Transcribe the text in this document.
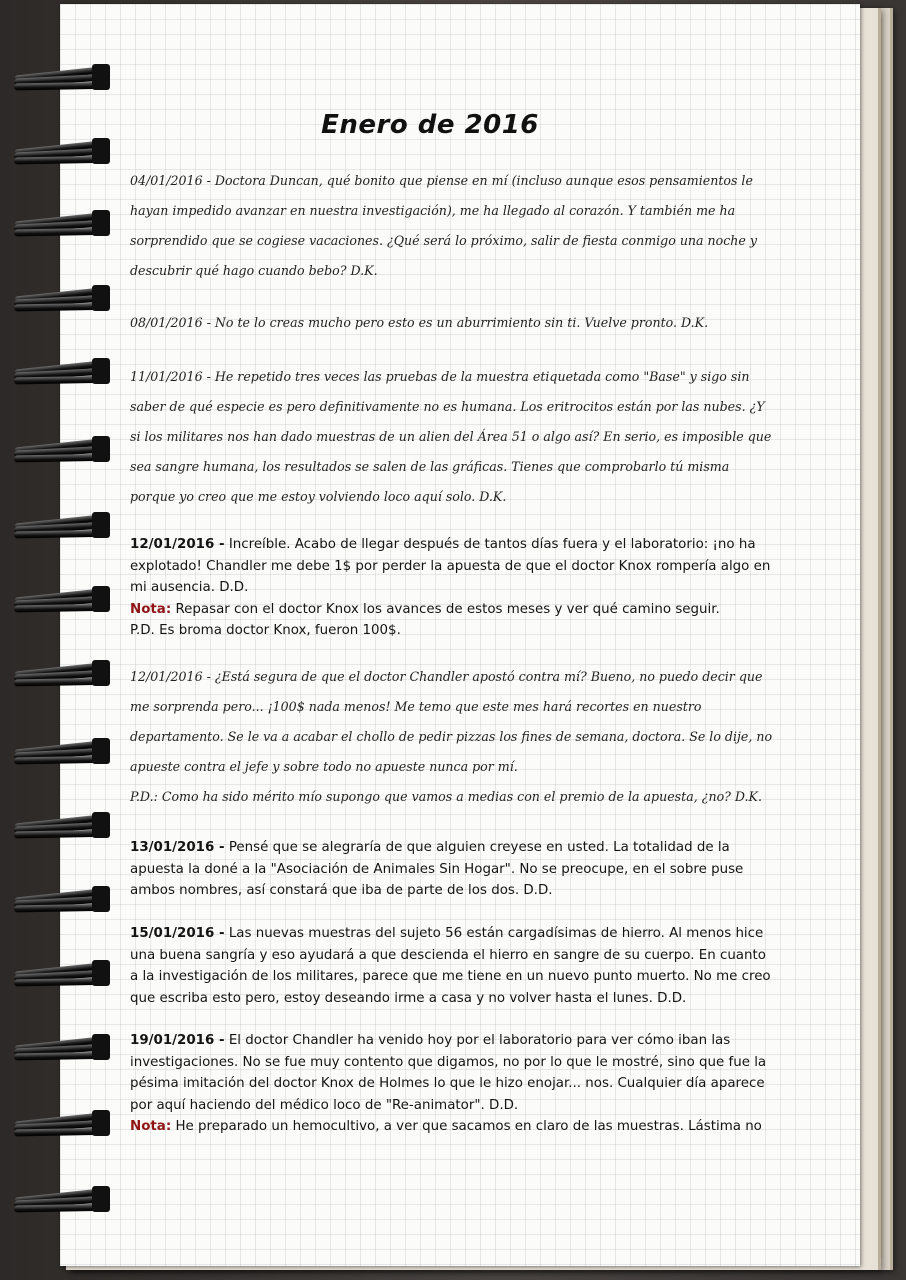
Enero de 2016

04/01/2016 - Doctora Duncan, qué bonito que piense en mí (incluso aunque esos pensamientos le hayan impedido avanzar en nuestra investigación), me ha llegado al corazón. Y también me ha sorprendido que se cogiese vacaciones. ¿Qué será lo próximo, salir de fiesta conmigo una noche y descubrir qué hago cuando bebo? D.K.

08/01/2016 - No te lo creas mucho pero esto es un aburrimiento sin ti. Vuelve pronto. D.K.

11/01/2016 - He repetido tres veces las pruebas de la muestra etiquetada como "Base" y sigo sin saber de qué especie es pero definitivamente no es humana. Los eritrocitos están por las nubes. ¿Y si los militares nos han dado muestras de un alien del Área 51 o algo así? En serio, es imposible que sea sangre humana, los resultados se salen de las gráficas. Tienes que comprobarlo tú misma porque yo creo que me estoy volviendo loco aquí solo. D.K.

12/01/2016 - Increíble. Acabo de llegar después de tantos días fuera y el laboratorio: ¡no ha explotado! Chandler me debe 1$ por perder la apuesta de que el doctor Knox rompería algo en mi ausencia. D.D.

Nota: Repasar con el doctor Knox los avances de estos meses y ver qué camino seguir.

P.D. Es broma doctor Knox, fueron 100$.

12/01/2016 - ¿Está segura de que el doctor Chandler apostó contra mí? Bueno, no puedo decir que me sorprenda pero... ¡100$ nada menos! Me temo que este mes hará recortes en nuestro departamento. Se le va a acabar el chollo de pedir pizzas los fines de semana, doctora. Se lo dije, no apueste contra el jefe y sobre todo no apueste nunca por mí.

P.D.: Como ha sido mérito mío supongo que vamos a medias con el premio de la apuesta, ¿no? D.K.

13/01/2016 - Pensé que se alegraría de que alguien creyese en usted. La totalidad de la apuesta la doné a la "Asociación de Animales Sin Hogar". No se preocupe, en el sobre puse ambos nombres, así constará que iba de parte de los dos. D.D.

15/01/2016 - Las nuevas muestras del sujeto 56 están cargadísimas de hierro. Al menos hice una buena sangría y eso ayudará a que descienda el hierro en sangre de su cuerpo. En cuanto a la investigación de los militares, parece que me tiene en un nuevo punto muerto. No me creo que escriba esto pero, estoy deseando irme a casa y no volver hasta el lunes. D.D.

19/01/2016 - El doctor Chandler ha venido hoy por el laboratorio para ver cómo iban las investigaciones. No se fue muy contento que digamos, no por lo que le mostré, sino que fue la pésima imitación del doctor Knox de Holmes lo que le hizo enojar... nos. Cualquier día aparece por aquí haciendo del médico loco de "Re-animator". D.D.

Nota: He preparado un hemocultivo, a ver que sacamos en claro de las muestras. Lástima no
